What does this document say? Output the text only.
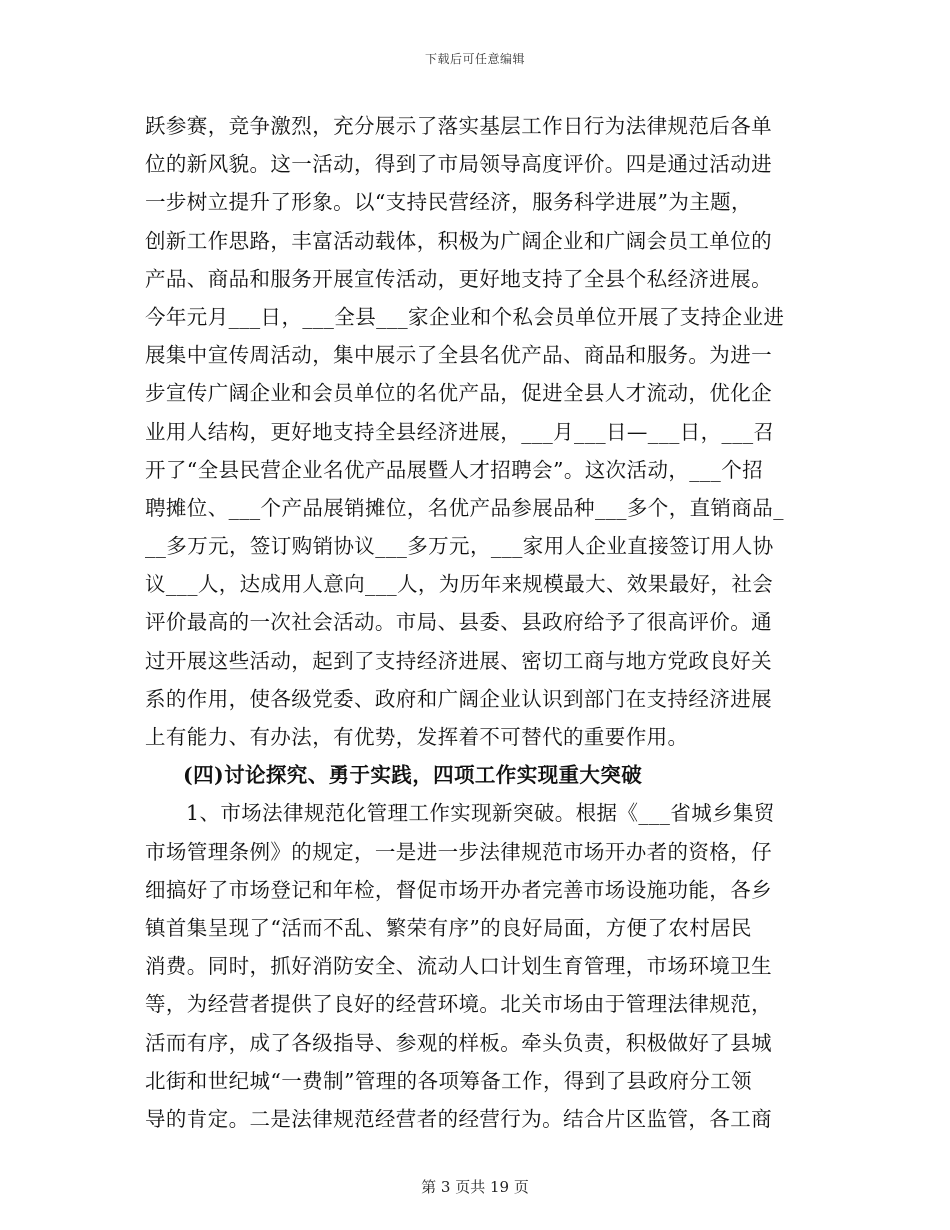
下载后可任意编辑
跃参赛，竞争激烈，充分展示了落实基层工作日行为法律规范后各单
位的新风貌。这一活动，得到了市局领导高度评价。四是通过活动进
一步树立提升了形象。以“支持民营经济，服务科学进展”为主题，
创新工作思路，丰富活动载体，积极为广阔企业和广阔会员工单位的
产品、商品和服务开展宣传活动，更好地支持了全县个私经济进展。
今年元月___日，___全县___家企业和个私会员单位开展了支持企业进
展集中宣传周活动，集中展示了全县名优产品、商品和服务。为进一
步宣传广阔企业和会员单位的名优产品，促进全县人才流动，优化企
业用人结构，更好地支持全县经济进展，___月___日—___日，___召
开了“全县民营企业名优产品展暨人才招聘会”。这次活动，___个招
聘摊位、___个产品展销摊位，名优产品参展品种___多个，直销商品_
__多万元，签订购销协议___多万元，___家用人企业直接签订用人协
议___人，达成用人意向___人，为历年来规模最大、效果最好，社会
评价最高的一次社会活动。市局、县委、县政府给予了很高评价。通
过开展这些活动，起到了支持经济进展、密切工商与地方党政良好关
系的作用，使各级党委、政府和广阔企业认识到部门在支持经济进展
上有能力、有办法，有优势，发挥着不可替代的重要作用。
(四)讨论探究、勇于实践，四项工作实现重大突破
1、市场法律规范化管理工作实现新突破。根据《___省城乡集贸
市场管理条例》的规定，一是进一步法律规范市场开办者的资格，仔
细搞好了市场登记和年检，督促市场开办者完善市场设施功能，各乡
镇首集呈现了“活而不乱、繁荣有序”的良好局面，方便了农村居民
消费。同时，抓好消防安全、流动人口计划生育管理，市场环境卫生
等，为经营者提供了良好的经营环境。北关市场由于管理法律规范，
活而有序，成了各级指导、参观的样板。牵头负责，积极做好了县城
北街和世纪城“一费制”管理的各项筹备工作，得到了县政府分工领
导的肯定。二是法律规范经营者的经营行为。结合片区监管，各工商
第 3 页共 19 页
